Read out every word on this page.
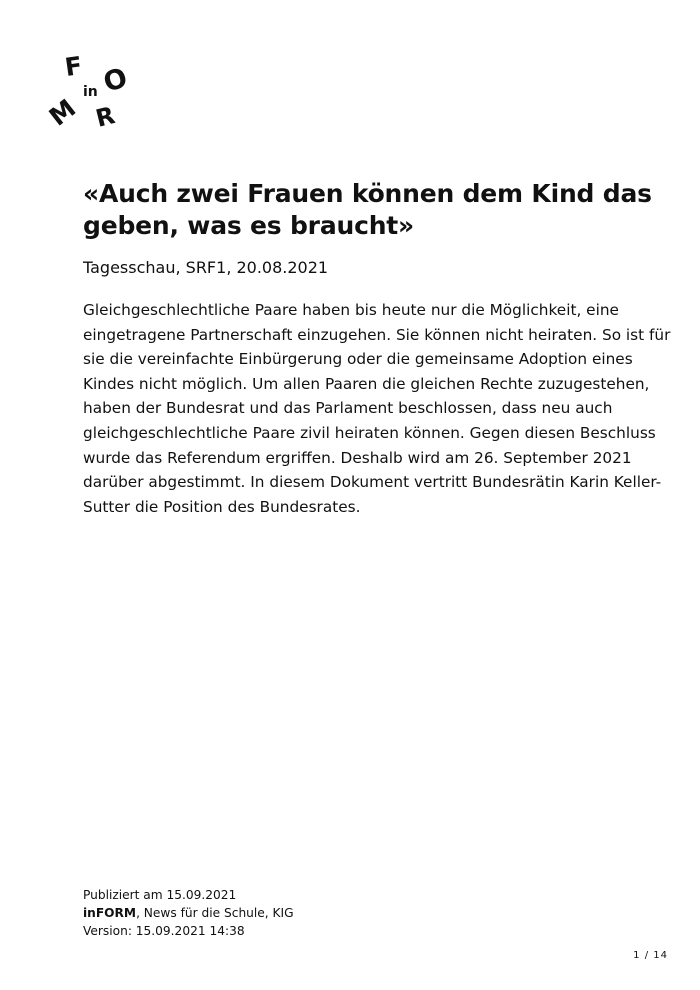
F
in O
M R
«Auch zwei Frauen können dem Kind das geben, was es braucht»

Tagesschau, SRF1, 20.08.2021

Gleichgeschlechtliche Paare haben bis heute nur die Möglichkeit, eine eingetragene Partnerschaft einzugehen. Sie können nicht heiraten. So ist für sie die vereinfachte Einbürgerung oder die gemeinsame Adoption eines Kindes nicht möglich. Um allen Paaren die gleichen Rechte zuzugestehen, haben der Bundesrat und das Parlament beschlossen, dass neu auch gleichgeschlechtliche Paare zivil heiraten können. Gegen diesen Beschluss wurde das Referendum ergriffen. Deshalb wird am 26. September 2021 darüber abgestimmt. In diesem Dokument vertritt Bundesrätin Karin Keller-Sutter die Position des Bundesrates.

Publiziert am 15.09.2021
inFORM, News für die Schule, KIG
Version: 15.09.2021 14:38
1 / 14
